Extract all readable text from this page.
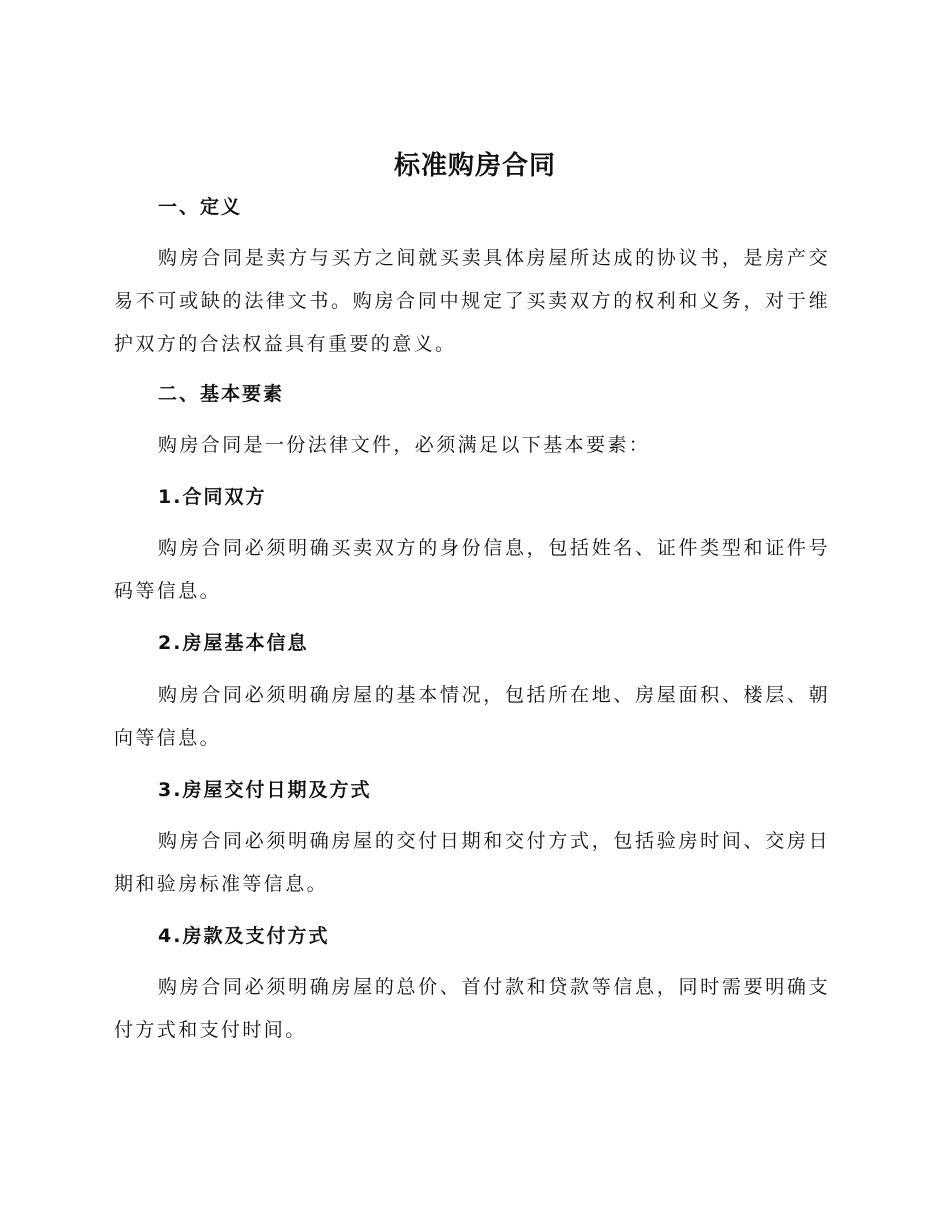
标准购房合同
一、定义
购房合同是卖方与买方之间就买卖具体房屋所达成的协议书，是房产交易不可或缺的法律文书。购房合同中规定了买卖双方的权利和义务，对于维护双方的合法权益具有重要的意义。
二、基本要素
购房合同是一份法律文件，必须满足以下基本要素：
1.合同双方
购房合同必须明确买卖双方的身份信息，包括姓名、证件类型和证件号码等信息。
2.房屋基本信息
购房合同必须明确房屋的基本情况，包括所在地、房屋面积、楼层、朝向等信息。
3.房屋交付日期及方式
购房合同必须明确房屋的交付日期和交付方式，包括验房时间、交房日期和验房标准等信息。
4.房款及支付方式
购房合同必须明确房屋的总价、首付款和贷款等信息，同时需要明确支付方式和支付时间。
